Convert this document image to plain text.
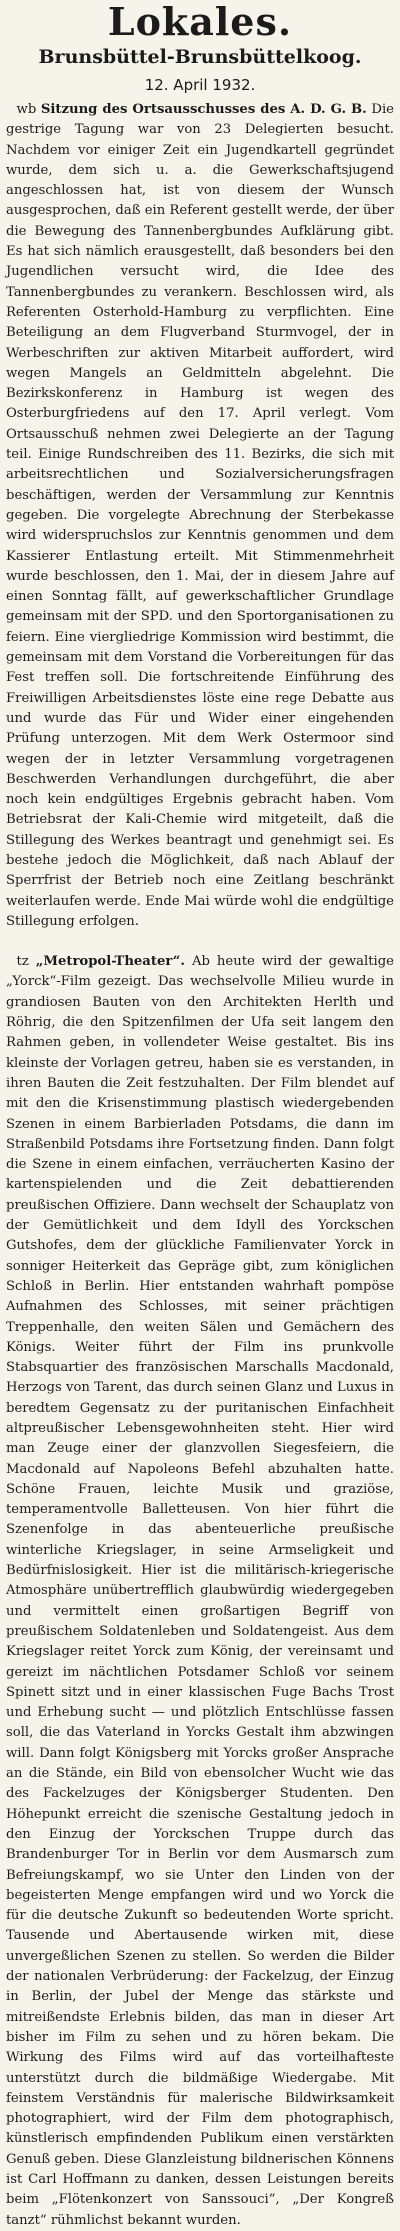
Lokales.
Brunsbüttel-Brunsbüttelkoog.
12. April 1932.

wb Sitzung des Ortsausschusses des A. D. G. B. Die gestrige Tagung war von 23 Delegierten besucht. Nachdem vor einiger Zeit ein Jugendkartell gegründet wurde, dem sich u. a. die Gewerkschaftsjugend angeschlossen hat, ist von diesem der Wunsch ausgesprochen, daß ein Referent gestellt werde, der über die Bewegung des Tannenbergbundes Aufklärung gibt. Es hat sich nämlich erausgestellt, daß besonders bei den Jugendlichen versucht wird, die Idee des Tannenbergbundes zu verankern. Beschlossen wird, als Referenten Osterhold-Hamburg zu verpflichten. Eine Beteiligung an dem Flugverband Sturmvogel, der in Werbeschriften zur aktiven Mitarbeit auffordert, wird wegen Mangels an Geldmitteln abgelehnt. Die Bezirkskonferenz in Hamburg ist wegen des Osterburgfriedens auf den 17. April verlegt. Vom Ortsausschuß nehmen zwei Delegierte an der Tagung teil. Einige Rundschreiben des 11. Bezirks, die sich mit arbeitsrechtlichen und Sozialversicherungsfragen beschäftigen, werden der Versammlung zur Kenntnis gegeben. Die vorgelegte Abrechnung der Sterbekasse wird widerspruchslos zur Kenntnis genommen und dem Kassierer Entlastung erteilt. Mit Stimmenmehrheit wurde beschlossen, den 1. Mai, der in diesem Jahre auf einen Sonntag fällt, auf gewerkschaftlicher Grundlage gemeinsam mit der SPD. und den Sportorganisationen zu feiern. Eine viergliedrige Kommission wird bestimmt, die gemeinsam mit dem Vorstand die Vorbereitungen für das Fest treffen soll. Die fortschreitende Einführung des Freiwilligen Arbeitsdienstes löste eine rege Debatte aus und wurde das Für und Wider einer eingehenden Prüfung unterzogen. Mit dem Werk Ostermoor sind wegen der in letzter Versammlung vorgetragenen Beschwerden Verhandlungen durchgeführt, die aber noch kein endgültiges Ergebnis gebracht haben. Vom Betriebsrat der Kali-Chemie wird mitgeteilt, daß die Stillegung des Werkes beantragt und genehmigt sei. Es bestehe jedoch die Möglichkeit, daß nach Ablauf der Sperrfrist der Betrieb noch eine Zeitlang beschränkt weiterlaufen werde. Ende Mai würde wohl die endgültige Stillegung erfolgen.

tz „Metropol-Theater“. Ab heute wird der gewaltige „Yorck“-Film gezeigt. Das wechselvolle Milieu wurde in grandiosen Bauten von den Architekten Herlth und Röhrig, die den Spitzenfilmen der Ufa seit langem den Rahmen geben, in vollendeter Weise gestaltet. Bis ins kleinste der Vorlagen getreu, haben sie es verstanden, in ihren Bauten die Zeit festzuhalten. Der Film blendet auf mit den die Krisenstimmung plastisch wiedergebenden Szenen in einem Barbierladen Potsdams, die dann im Straßenbild Potsdams ihre Fortsetzung finden. Dann folgt die Szene in einem einfachen, verräucherten Kasino der kartenspielenden und die Zeit debattierenden preußischen Offiziere. Dann wechselt der Schauplatz von der Gemütlichkeit und dem Idyll des Yorckschen Gutshofes, dem der glückliche Familienvater Yorck in sonniger Heiterkeit das Gepräge gibt, zum königlichen Schloß in Berlin. Hier entstanden wahrhaft pompöse Aufnahmen des Schlosses, mit seiner prächtigen Treppenhalle, den weiten Sälen und Gemächern des Königs. Weiter führt der Film ins prunkvolle Stabsquartier des französischen Marschalls Macdonald, Herzogs von Tarent, das durch seinen Glanz und Luxus in beredtem Gegensatz zu der puritanischen Einfachheit altpreußischer Lebensgewohnheiten steht. Hier wird man Zeuge einer der glanzvollen Siegesfeiern, die Macdonald auf Napoleons Befehl abzuhalten hatte. Schöne Frauen, leichte Musik und graziöse, temperamentvolle Balletteusen. Von hier führt die Szenenfolge in das abenteuerliche preußische winterliche Kriegslager, in seine Armseligkeit und Bedürfnislosigkeit. Hier ist die militärisch-kriegerische Atmosphäre unübertrefflich glaubwürdig wiedergegeben und vermittelt einen großartigen Begriff von preußischem Soldatenleben und Soldatengeist. Aus dem Kriegslager reitet Yorck zum König, der vereinsamt und gereizt im nächtlichen Potsdamer Schloß vor seinem Spinett sitzt und in einer klassischen Fuge Bachs Trost und Erhebung sucht — und plötzlich Entschlüsse fassen soll, die das Vaterland in Yorcks Gestalt ihm abzwingen will. Dann folgt Königsberg mit Yorcks großer Ansprache an die Stände, ein Bild von ebensolcher Wucht wie das des Fackelzuges der Königsberger Studenten. Den Höhepunkt erreicht die szenische Gestaltung jedoch in den Einzug der Yorckschen Truppe durch das Brandenburger Tor in Berlin vor dem Ausmarsch zum Befreiungskampf, wo sie Unter den Linden von der begeisterten Menge empfangen wird und wo Yorck die für die deutsche Zukunft so bedeutenden Worte spricht. Tausende und Abertausende wirken mit, diese unvergeßlichen Szenen zu stellen. So werden die Bilder der nationalen Verbrüderung: der Fackelzug, der Einzug in Berlin, der Jubel der Menge das stärkste und mitreißendste Erlebnis bilden, das man in dieser Art bisher im Film zu sehen und zu hören bekam. Die Wirkung des Films wird auf das vorteilhafteste unterstützt durch die bildmäßige Wiedergabe. Mit feinstem Verständnis für malerische Bildwirksamkeit photographiert, wird der Film dem photographisch, künstlerisch empfindenden Publikum einen verstärkten Genuß geben. Diese Glanzleistung bildnerischen Könnens ist Carl Hoffmann zu danken, dessen Leistungen bereits beim „Flötenkonzert von Sanssouci“, „Der Kongreß tanzt“ rühmlichst bekannt wurden.
